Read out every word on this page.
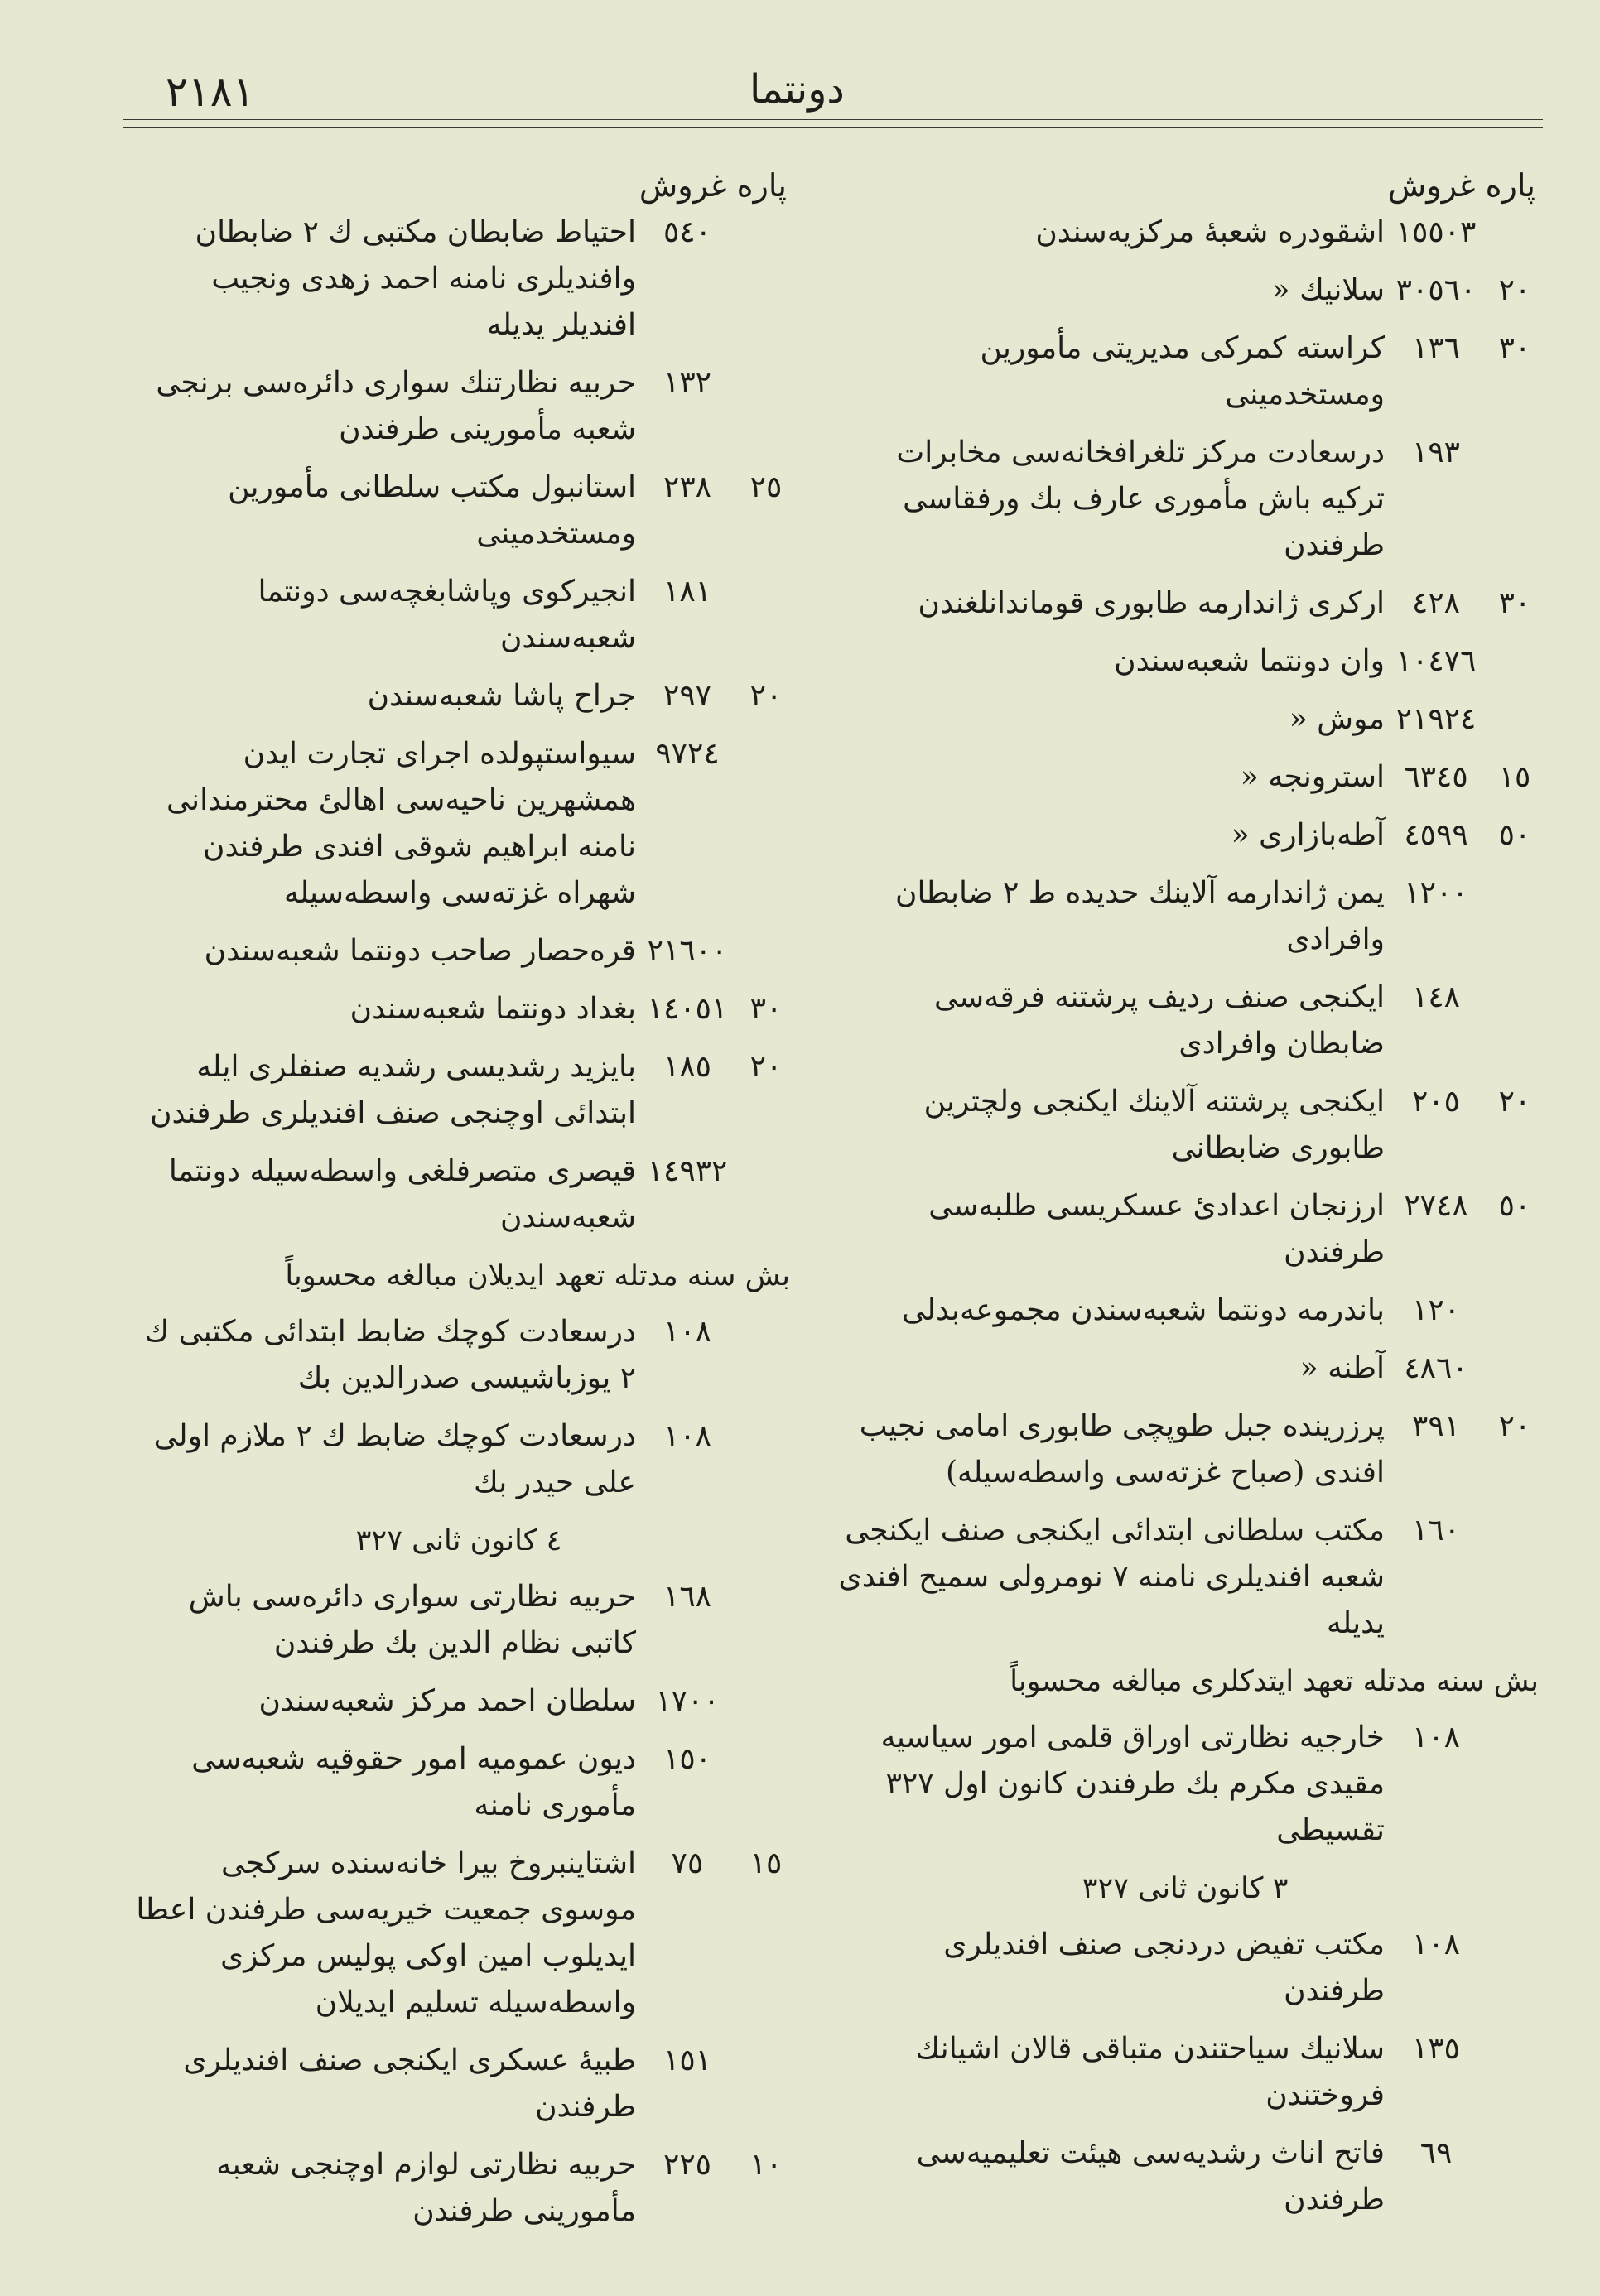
٢١٨١	دونتما
پاره غروش
١٥٥٠٣
اشقودره شعبهٔ مرکزیه‌سندن
٢٠
٣٠٥٦٠
سلانیك «
٣٠
١٣٦
کراسته کمرکی مدیریتی مأمورین ومستخدمینی
١٩٣
درسعادت مرکز تلغرافخانه‌سی مخابرات ترکیه باش مأموری عارف بك ورفقاسی طرفندن
٣٠
٤٢٨
ارکری ژاندارمه طابوری قوماندانلغندن
١٠٤٧٦
وان دونتما شعبه‌سندن
٢١٩٢٤
موش «
١٥
٦٣٤٥
استرونجه «
٥٠
٤٥٩٩
آطه‌بازاری «
١٢٠٠
یمن ژاندارمه آلاینك حدیده ط ٢ ضابطان وافرادی
١٤٨
ایکنجی صنف ردیف پرشتنه فرقه‌سی ضابطان وافرادی
٢٠
٢٠٥
ایکنجی پرشتنه آلاینك ایکنجی ولچترین طابوری ضابطانی
٥٠
٢٧٤٨
ارزنجان اعدادیٔ عسکریسی طلبه‌سی طرفندن
١٢٠
باندرمه دونتما شعبه‌سندن مجموعه‌بدلی
٤٨٦٠
آطنه «
٢٠
٣٩١
پرزرینده جبل طوپچی طابوری امامی نجیب افندی (صباح غزته‌سی واسطه‌سیله)
١٦٠
مکتب سلطانی ابتدائی ایکنجی صنف ایکنجی شعبه افندیلری نامنه ٧ نومرولی سمیح افندی یدیله
بش سنه مدتله تعهد ایتدکلری مبالغه محسوباً
١٠٨
خارجیه نظارتی اوراق قلمی امور سیاسیه مقیدی مکرم بك طرفندن کانون اول ٣٢٧ تقسیطی
٣ کانون ثانی ٣٢٧
١٠٨
مکتب تفیض دردنجی صنف افندیلری طرفندن
١٣٥
سلانیك سیاحتندن متباقی قالان اشیانك فروختندن
٦٩
فاتح اناث رشدیه‌سی هیئت تعلیمیه‌سی طرفندن
پاره غروش
٥٤٠
احتیاط ضابطان مکتبی ك ٢ ضابطان وافندیلری نامنه احمد زهدی ونجیب افندیلر یدیله
١٣٢
حربیه نظارتنك سواری دائره‌سی برنجی شعبه مأمورینی طرفندن
٢٥
٢٣٨
استانبول مکتب سلطانی مأمورین ومستخدمینی
١٨١
انجیرکوی وپاشابغچه‌سی دونتما شعبه‌سندن
٢٠
٢٩٧
جراح پاشا شعبه‌سندن
٩٧٢٤
سیواستپولده اجرای تجارت ایدن همشهرین ناحیه‌سی اهالیٔ محترمندانی نامنه ابراهیم شوقی افندی طرفندن شهراه غزته‌سی واسطه‌سیله
٢١٦٠٠
قره‌حصار صاحب دونتما شعبه‌سندن
٣٠
١٤٠٥١
بغداد دونتما شعبه‌سندن
٢٠
١٨٥
بایزید رشدیسی رشدیه صنفلری ایله ابتدائی اوچنجی صنف افندیلری طرفندن
١٤٩٣٢
قیصری متصرفلغی واسطه‌سیله دونتما شعبه‌سندن
بش سنه مدتله تعهد ایدیلان مبالغه محسوباً
١٠٨
درسعادت کوچك ضابط ابتدائی مکتبی ك ٢ یوزباشیسی صدرالدین بك
١٠٨
درسعادت کوچك ضابط ك ٢ ملازم اولی علی حیدر بك
٤ کانون ثانی ٣٢٧
١٦٨
حربیه نظارتی سواری دائره‌سی باش کاتبی نظام الدین بك طرفندن
١٧٠٠
سلطان احمد مرکز شعبه‌سندن
١٥٠
دیون عمومیه امور حقوقیه شعبه‌سی مأموری نامنه
١٥
٧٥
اشتاینبروخ بیرا خانه‌سنده سرکجی موسوی جمعیت خیریه‌سی طرفندن اعطا ایدیلوب امین اوکی پولیس مرکزی واسطه‌سیله تسلیم ایدیلان
١٥١
طبیهٔ عسکری ایکنجی صنف افندیلری طرفندن
١٠
٢٢٥
حربیه نظارتی لوازم اوچنجی شعبه مأمورینی طرفندن
